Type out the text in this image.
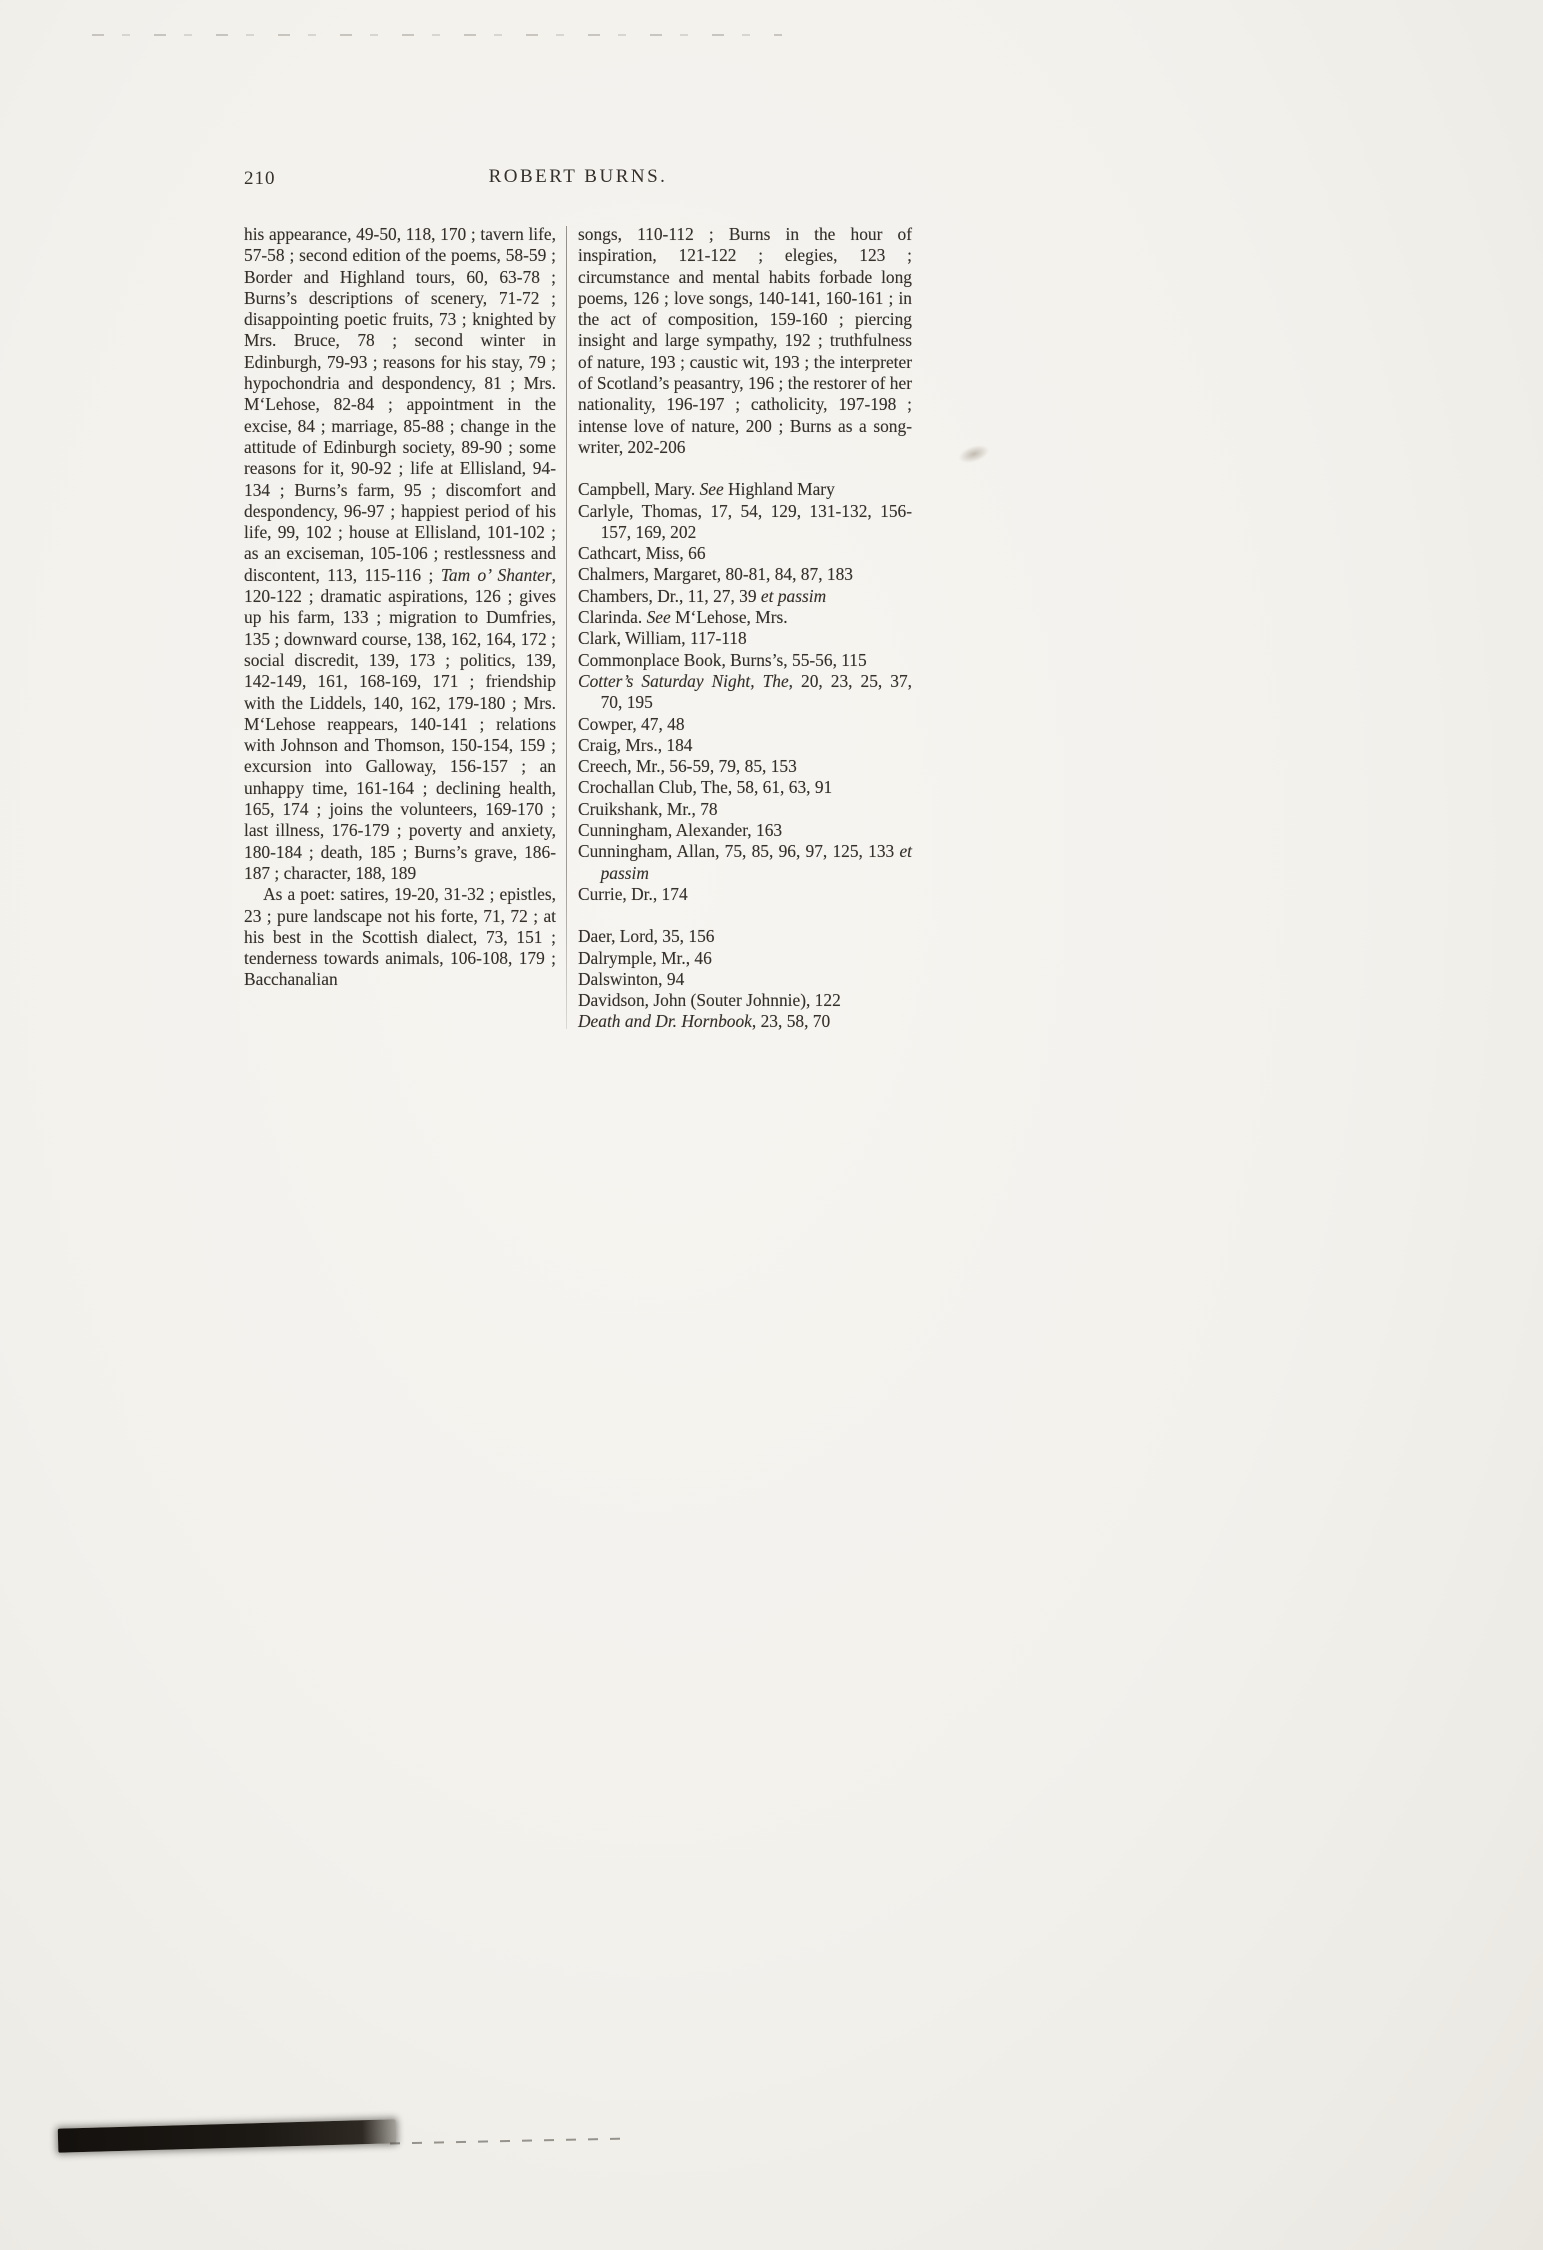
210	ROBERT BURNS.
his appearance, 49-50, 118, 170 ; tavern life, 57-58 ; second edition of the poems, 58-59 ; Border and Highland tours, 60, 63-78 ; Burns’s descriptions of scenery, 71-72 ; disappointing poetic fruits, 73 ; knighted by Mrs. Bruce, 78 ; second winter in Edinburgh, 79-93 ; reasons for his stay, 79 ; hypochondria and despondency, 81 ; Mrs. M‘Lehose, 82-84 ; appointment in the excise, 84 ; marriage, 85-88 ; change in the attitude of Edinburgh society, 89-90 ; some reasons for it, 90-92 ; life at Ellisland, 94-134 ; Burns’s farm, 95 ; discomfort and despondency, 96-97 ; happiest period of his life, 99, 102 ; house at Ellisland, 101-102 ; as an exciseman, 105-106 ; restlessness and discontent, 113, 115-116 ; Tam o’ Shanter, 120-122 ; dramatic aspirations, 126 ; gives up his farm, 133 ; migration to Dumfries, 135 ; downward course, 138, 162, 164, 172 ; social discredit, 139, 173 ; politics, 139, 142-149, 161, 168-169, 171 ; friendship with the Liddels, 140, 162, 179-180 ; Mrs. M‘Lehose reappears, 140-141 ; relations with Johnson and Thomson, 150-154, 159 ; excursion into Galloway, 156-157 ; an unhappy time, 161-164 ; declining health, 165, 174 ; joins the volunteers, 169-170 ; last illness, 176-179 ; poverty and anxiety, 180-184 ; death, 185 ; Burns’s grave, 186-187 ; character, 188, 189
As a poet: satires, 19-20, 31-32 ; epistles, 23 ; pure landscape not his forte, 71, 72 ; at his best in the Scottish dialect, 73, 151 ; tenderness towards animals, 106-108, 179 ; Bacchanalian
songs, 110-112 ; Burns in the hour of inspiration, 121-122 ; elegies, 123 ; circumstance and mental habits forbade long poems, 126 ; love songs, 140-141, 160-161 ; in the act of composition, 159-160 ; piercing insight and large sympathy, 192 ; truthfulness of nature, 193 ; caustic wit, 193 ; the interpreter of Scotland’s peasantry, 196 ; the restorer of her nationality, 196-197 ; catholicity, 197-198 ; intense love of nature, 200 ; Burns as a song-writer, 202-206
Campbell, Mary. See Highland Mary
Carlyle, Thomas, 17, 54, 129, 131-132, 156-157, 169, 202
Cathcart, Miss, 66
Chalmers, Margaret, 80-81, 84, 87, 183
Chambers, Dr., 11, 27, 39 et passim
Clarinda. See M‘Lehose, Mrs.
Clark, William, 117-118
Commonplace Book, Burns’s, 55-56, 115
Cotter’s Saturday Night, The, 20, 23, 25, 37, 70, 195
Cowper, 47, 48
Craig, Mrs., 184
Creech, Mr., 56-59, 79, 85, 153
Crochallan Club, The, 58, 61, 63, 91
Cruikshank, Mr., 78
Cunningham, Alexander, 163
Cunningham, Allan, 75, 85, 96, 97, 125, 133 et passim
Currie, Dr., 174
Daer, Lord, 35, 156
Dalrymple, Mr., 46
Dalswinton, 94
Davidson, John (Souter Johnnie), 122
Death and Dr. Hornbook, 23, 58, 70
